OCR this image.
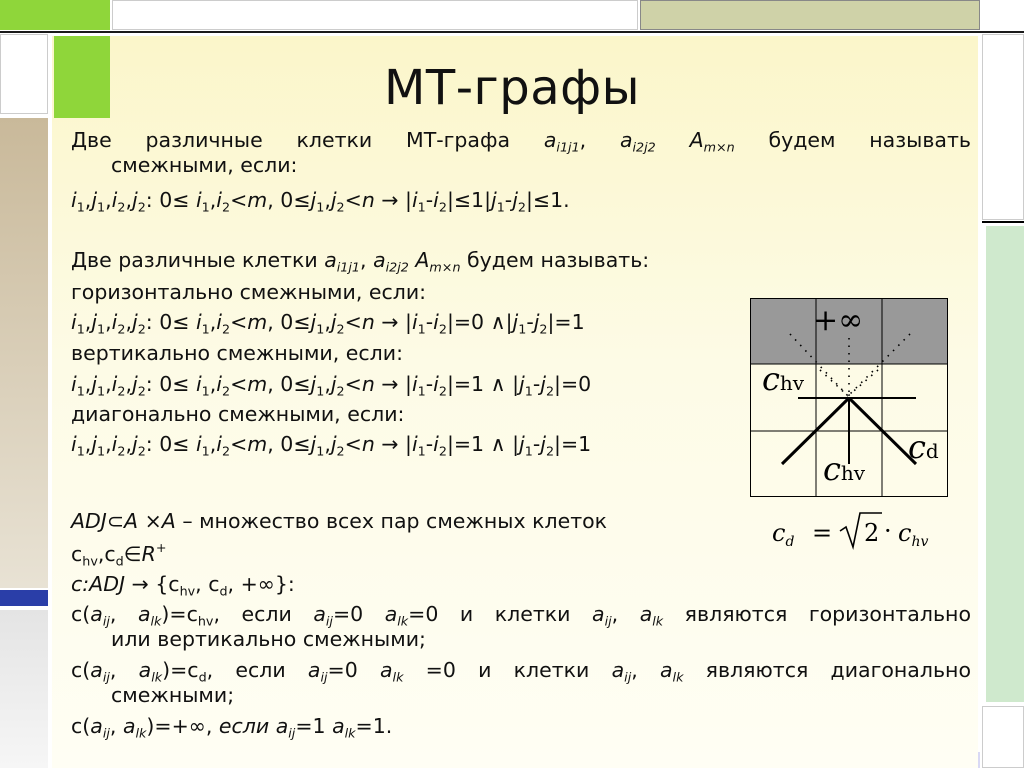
МТ-графы
Две различные клетки МТ-графа $a_{i1j1}$, $a_{i2j2}$ $A_{m\times n}$ будем называть
смежными, если:
$i_1,j_1,i_2,j_2$: $0\le i_1,i_2<m$, $0\le j_1,j_2<n \to |i_1-i_2|\le 1|j_1-j_2|\le 1$.
Две различные клетки $a_{i1j1}$, $a_{i2j2}$ $A_{m\times n}$ будем называть:
горизонтально смежными, если:
$i_1,j_1,i_2,j_2$: $0\le i_1,i_2<m$, $0\le j_1,j_2<n \to |i_1-i_2|=0$ $\wedge|j_1-j_2|=1$
вертикально смежными, если:
$i_1,j_1,i_2,j_2$: $0\le i_1,i_2<m$, $0\le j_1,j_2<n \to |i_1-i_2|=1$ ∧ $|j_1-j_2|=0$
диагонально смежными, если:
$i_1,j_1,i_2,j_2$: $0\le i_1,i_2<m$, $0\le j_1,j_2<n \to |i_1-i_2|=1$ ∧ $|j_1-j_2|=1$
ADJ⊂A ×A – множество всех пар смежных клеток
$c_{hv},c_d\in R^+$
c:ADJ → {$c_{hv}$, $c_d$, +∞}:
$c(a_{ij}$, $a_{lk})=c_{hv}$, если $a_{ij}=0$ $a_{lk}=0$ и клетки $a_{ij}$, $a_{lk}$ являются горизонтально
или вертикально смежными;
$c(a_{ij}$, $a_{lk})=c_d$, если $a_{ij}=0$ $a_{lk} =0$ и клетки $a_{ij}$, $a_{lk}$ являются диагонально
смежными;
$c(a_{ij}$, $a_{lk})=+\infty$, если $a_{ij}=1$ $a_{lk}=1$.
+∞
chv
chv
cd
$c_d = 2 \cdot c_{hv}$
